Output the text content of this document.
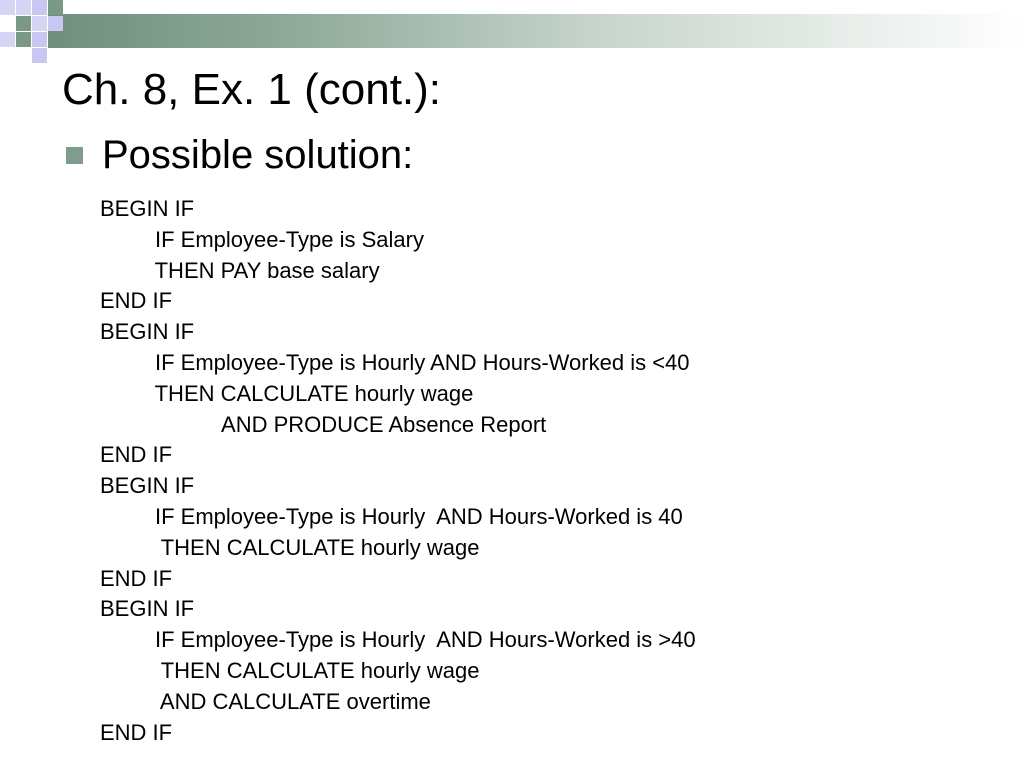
Ch. 8, Ex. 1 (cont.):
Possible solution:
BEGIN IF
IF Employee-Type is Salary
THEN PAY base salary
END IF
BEGIN IF
IF Employee-Type is Hourly AND Hours-Worked is <40
THEN CALCULATE hourly wage
AND PRODUCE Absence Report
END IF
BEGIN IF
IF Employee-Type is Hourly  AND Hours-Worked is 40
THEN CALCULATE hourly wage
END IF
BEGIN IF
IF Employee-Type is Hourly  AND Hours-Worked is >40
THEN CALCULATE hourly wage
AND CALCULATE overtime
END IF
